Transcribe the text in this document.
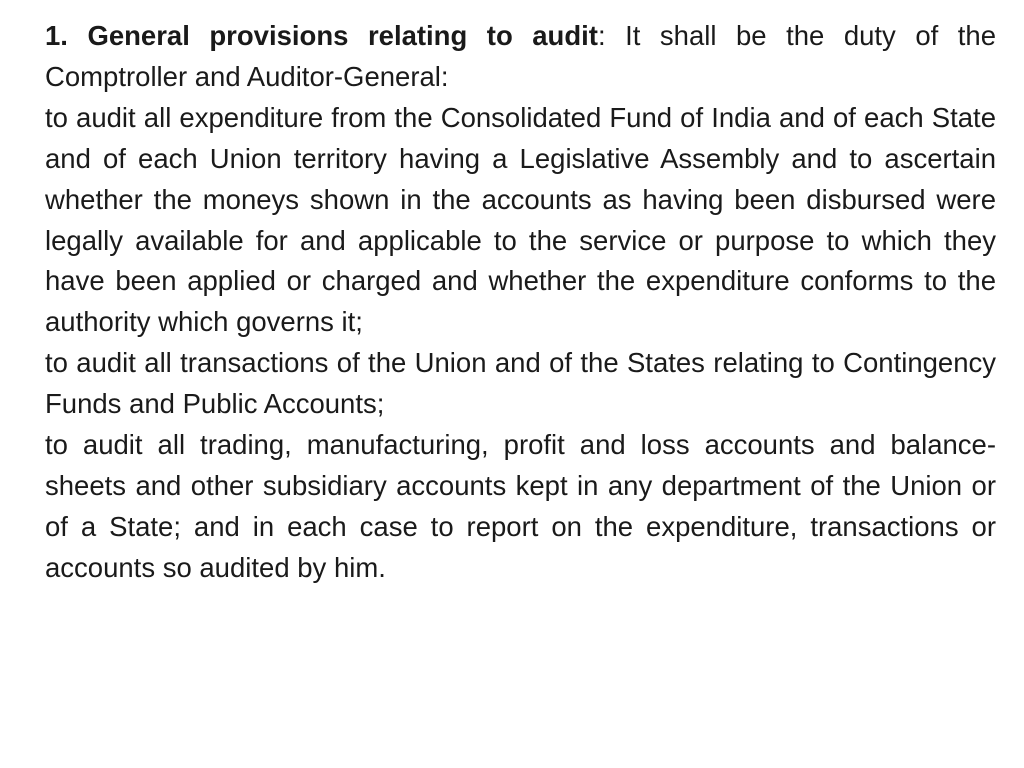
1. General provisions relating to audit: It shall be the duty of the Comptroller and Auditor-General:

to audit all expenditure from the Consolidated Fund of India and of each State and of each Union territory having a Legislative Assembly and to ascertain whether the moneys shown in the accounts as having been disbursed were legally available for and applicable to the service or purpose to which they have been applied or charged and whether the expenditure conforms to the authority which governs it;

to audit all transactions of the Union and of the States relating to Contingency Funds and Public Accounts;

to audit all trading, manufacturing, profit and loss accounts and balance-sheets and other subsidiary accounts kept in any department of the Union or of a State; and in each case to report on the expenditure, transactions or accounts so audited by him.
